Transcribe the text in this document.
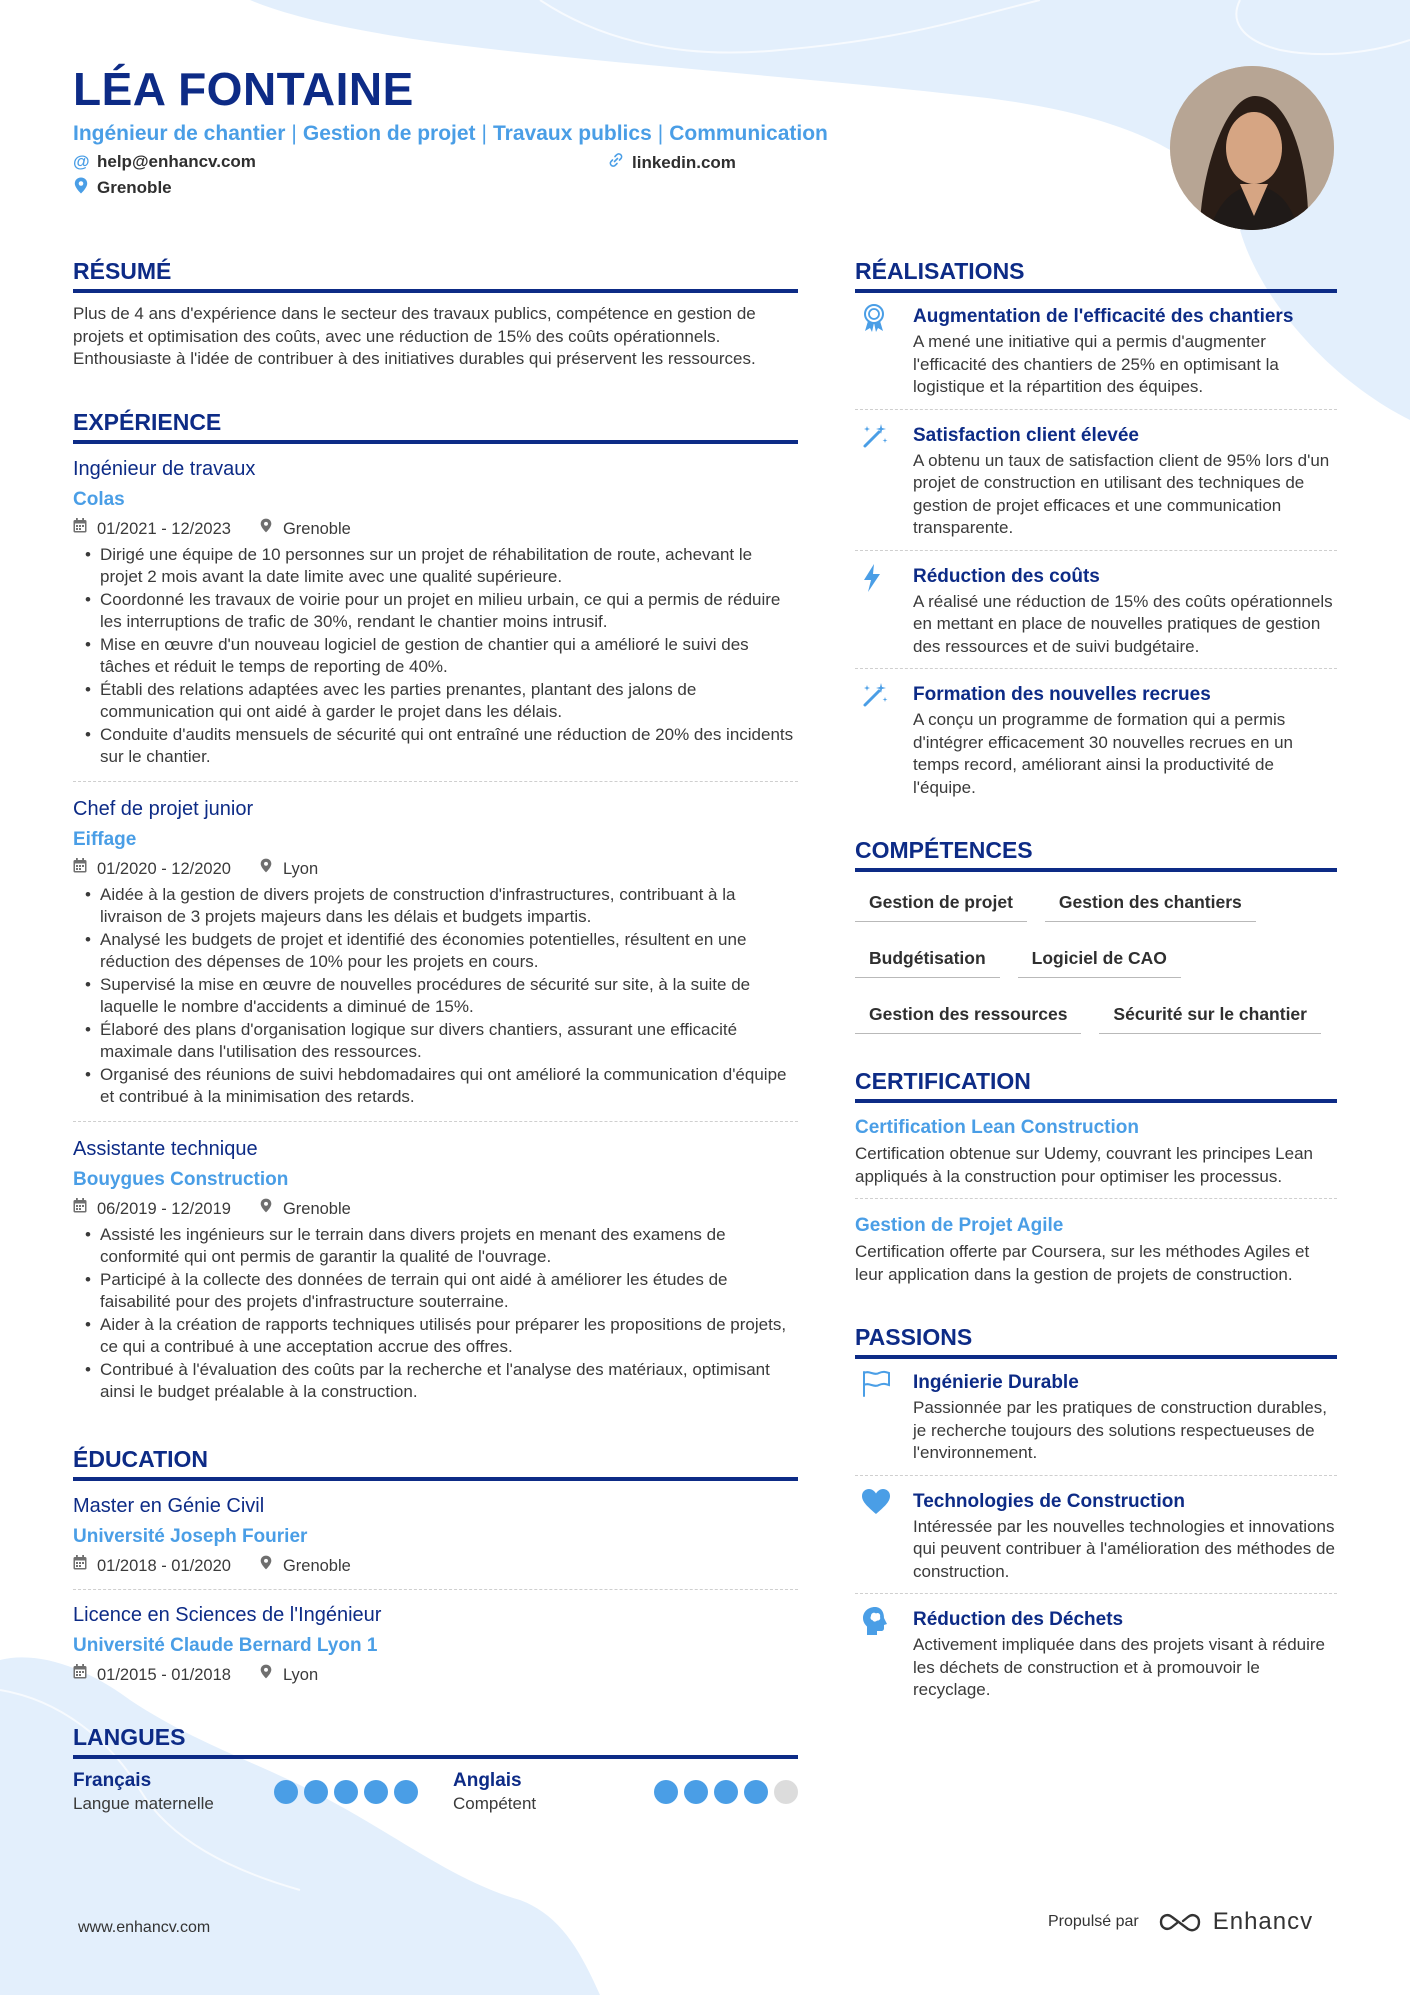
LÉA FONTAINE
Ingénieur de chantier | Gestion de projet | Travaux publics | Communication
@ help@enhancv.com	linkedin.com
Grenoble
RÉSUMÉ
Plus de 4 ans d'expérience dans le secteur des travaux publics, compétence en gestion de projets et optimisation des coûts, avec une réduction de 15% des coûts opérationnels. Enthousiaste à l'idée de contribuer à des initiatives durables qui préservent les ressources.
EXPÉRIENCE
Ingénieur de travaux
Colas
01/2021 - 12/2023	Grenoble
• Dirigé une équipe de 10 personnes sur un projet de réhabilitation de route, achevant le projet 2 mois avant la date limite avec une qualité supérieure.
• Coordonné les travaux de voirie pour un projet en milieu urbain, ce qui a permis de réduire les interruptions de trafic de 30%, rendant le chantier moins intrusif.
• Mise en œuvre d'un nouveau logiciel de gestion de chantier qui a amélioré le suivi des tâches et réduit le temps de reporting de 40%.
• Établi des relations adaptées avec les parties prenantes, plantant des jalons de communication qui ont aidé à garder le projet dans les délais.
• Conduite d'audits mensuels de sécurité qui ont entraîné une réduction de 20% des incidents sur le chantier.
Chef de projet junior
Eiffage
01/2020 - 12/2020	Lyon
• Aidée à la gestion de divers projets de construction d'infrastructures, contribuant à la livraison de 3 projets majeurs dans les délais et budgets impartis.
• Analysé les budgets de projet et identifié des économies potentielles, résultent en une réduction des dépenses de 10% pour les projets en cours.
• Supervisé la mise en œuvre de nouvelles procédures de sécurité sur site, à la suite de laquelle le nombre d'accidents a diminué de 15%.
• Élaboré des plans d'organisation logique sur divers chantiers, assurant une efficacité maximale dans l'utilisation des ressources.
• Organisé des réunions de suivi hebdomadaires qui ont amélioré la communication d'équipe et contribué à la minimisation des retards.
Assistante technique
Bouygues Construction
06/2019 - 12/2019	Grenoble
• Assisté les ingénieurs sur le terrain dans divers projets en menant des examens de conformité qui ont permis de garantir la qualité de l'ouvrage.
• Participé à la collecte des données de terrain qui ont aidé à améliorer les études de faisabilité pour des projets d'infrastructure souterraine.
• Aider à la création de rapports techniques utilisés pour préparer les propositions de projets, ce qui a contribué à une acceptation accrue des offres.
• Contribué à l'évaluation des coûts par la recherche et l'analyse des matériaux, optimisant ainsi le budget préalable à la construction.
ÉDUCATION
Master en Génie Civil
Université Joseph Fourier
01/2018 - 01/2020	Grenoble
Licence en Sciences de l'Ingénieur
Université Claude Bernard Lyon 1
01/2015 - 01/2018	Lyon
LANGUES
Français
Langue maternelle
Anglais
Compétent
RÉALISATIONS
Augmentation de l'efficacité des chantiers
A mené une initiative qui a permis d'augmenter l'efficacité des chantiers de 25% en optimisant la logistique et la répartition des équipes.
Satisfaction client élevée
A obtenu un taux de satisfaction client de 95% lors d'un projet de construction en utilisant des techniques de gestion de projet efficaces et une communication transparente.
Réduction des coûts
A réalisé une réduction de 15% des coûts opérationnels en mettant en place de nouvelles pratiques de gestion des ressources et de suivi budgétaire.
Formation des nouvelles recrues
A conçu un programme de formation qui a permis d'intégrer efficacement 30 nouvelles recrues en un temps record, améliorant ainsi la productivité de l'équipe.
COMPÉTENCES
Gestion de projet	Gestion des chantiers
Budgétisation	Logiciel de CAO
Gestion des ressources	Sécurité sur le chantier
CERTIFICATION
Certification Lean Construction
Certification obtenue sur Udemy, couvrant les principes Lean appliqués à la construction pour optimiser les processus.
Gestion de Projet Agile
Certification offerte par Coursera, sur les méthodes Agiles et leur application dans la gestion de projets de construction.
PASSIONS
Ingénierie Durable
Passionnée par les pratiques de construction durables, je recherche toujours des solutions respectueuses de l'environnement.
Technologies de Construction
Intéressée par les nouvelles technologies et innovations qui peuvent contribuer à l'amélioration des méthodes de construction.
Réduction des Déchets
Activement impliquée dans des projets visant à réduire les déchets de construction et à promouvoir le recyclage.
www.enhancv.com	Propulsé par	Enhancv
